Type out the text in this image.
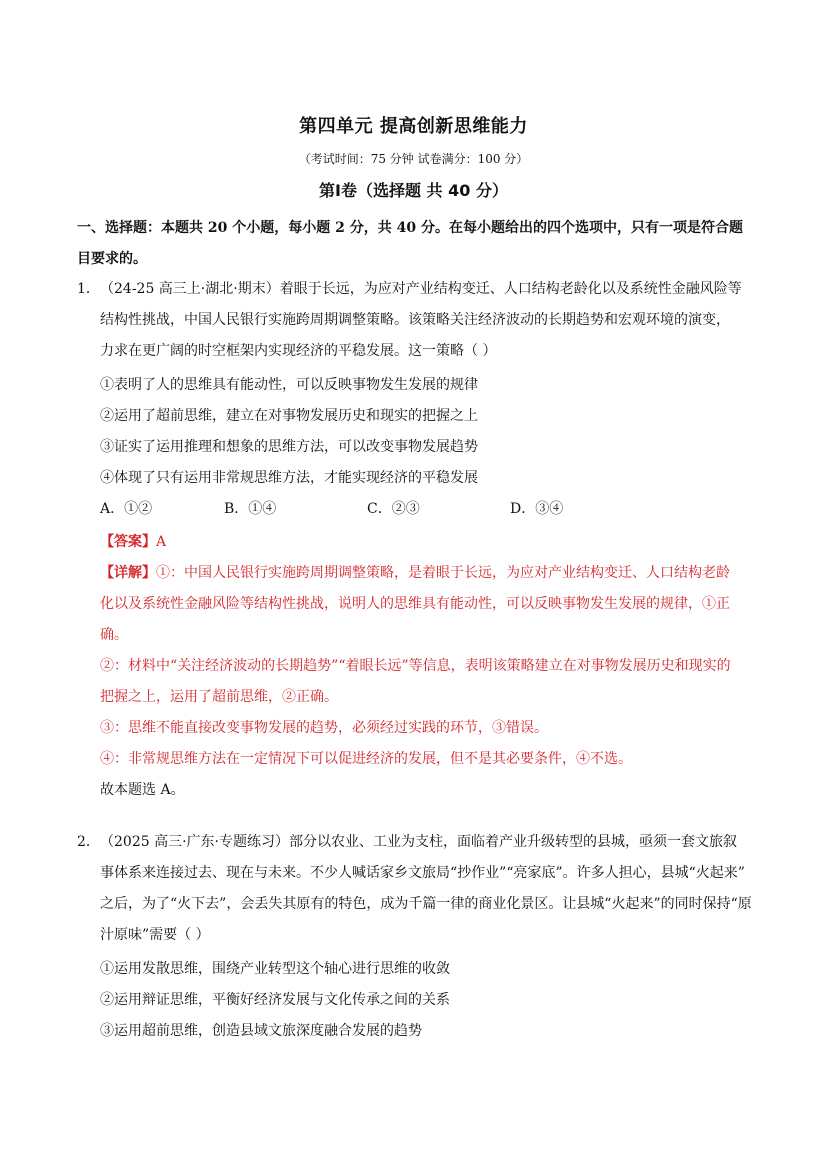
第四单元 提高创新思维能力
（考试时间：75 分钟 试卷满分：100 分）
第Ⅰ卷（选择题 共 40 分）
一、选择题：本题共 20 个小题，每小题 2 分，共 40 分。在每小题给出的四个选项中，只有一项是符合题
目要求的。
1． （24-25 高三上·湖北·期末）着眼于长远，为应对产业结构变迁、人口结构老龄化以及系统性金融风险等
结构性挑战，中国人民银行实施跨周期调整策略。该策略关注经济波动的长期趋势和宏观环境的演变，
力求在更广阔的时空框架内实现经济的平稳发展。这一策略（ ）
①表明了人的思维具有能动性，可以反映事物发生发展的规律
②运用了超前思维，建立在对事物发展历史和现实的把握之上
③证实了运用推理和想象的思维方法，可以改变事物发展趋势
④体现了只有运用非常规思维方法，才能实现经济的平稳发展
A．①②	B．①④	C．②③	D．③④
【答案】A
【详解】①：中国人民银行实施跨周期调整策略，是着眼于长远，为应对产业结构变迁、人口结构老龄
化以及系统性金融风险等结构性挑战，说明人的思维具有能动性，可以反映事物发生发展的规律，①正
确。
②：材料中“关注经济波动的长期趋势”“着眼长远”等信息，表明该策略建立在对事物发展历史和现实的
把握之上，运用了超前思维，②正确。
③：思维不能直接改变事物发展的趋势，必须经过实践的环节，③错误。
④：非常规思维方法在一定情况下可以促进经济的发展，但不是其必要条件，④不选。
故本题选 A。
2． （2025 高三·广东·专题练习）部分以农业、工业为支柱，面临着产业升级转型的县城，亟须一套文旅叙
事体系来连接过去、现在与未来。不少人喊话家乡文旅局“抄作业”“亮家底”。许多人担心，县城“火起来”
之后，为了“火下去”，会丢失其原有的特色，成为千篇一律的商业化景区。让县城“火起来”的同时保持“原
汁原味”需要（ ）
①运用发散思维，围绕产业转型这个轴心进行思维的收敛
②运用辩证思维，平衡好经济发展与文化传承之间的关系
③运用超前思维，创造县域文旅深度融合发展的趋势
